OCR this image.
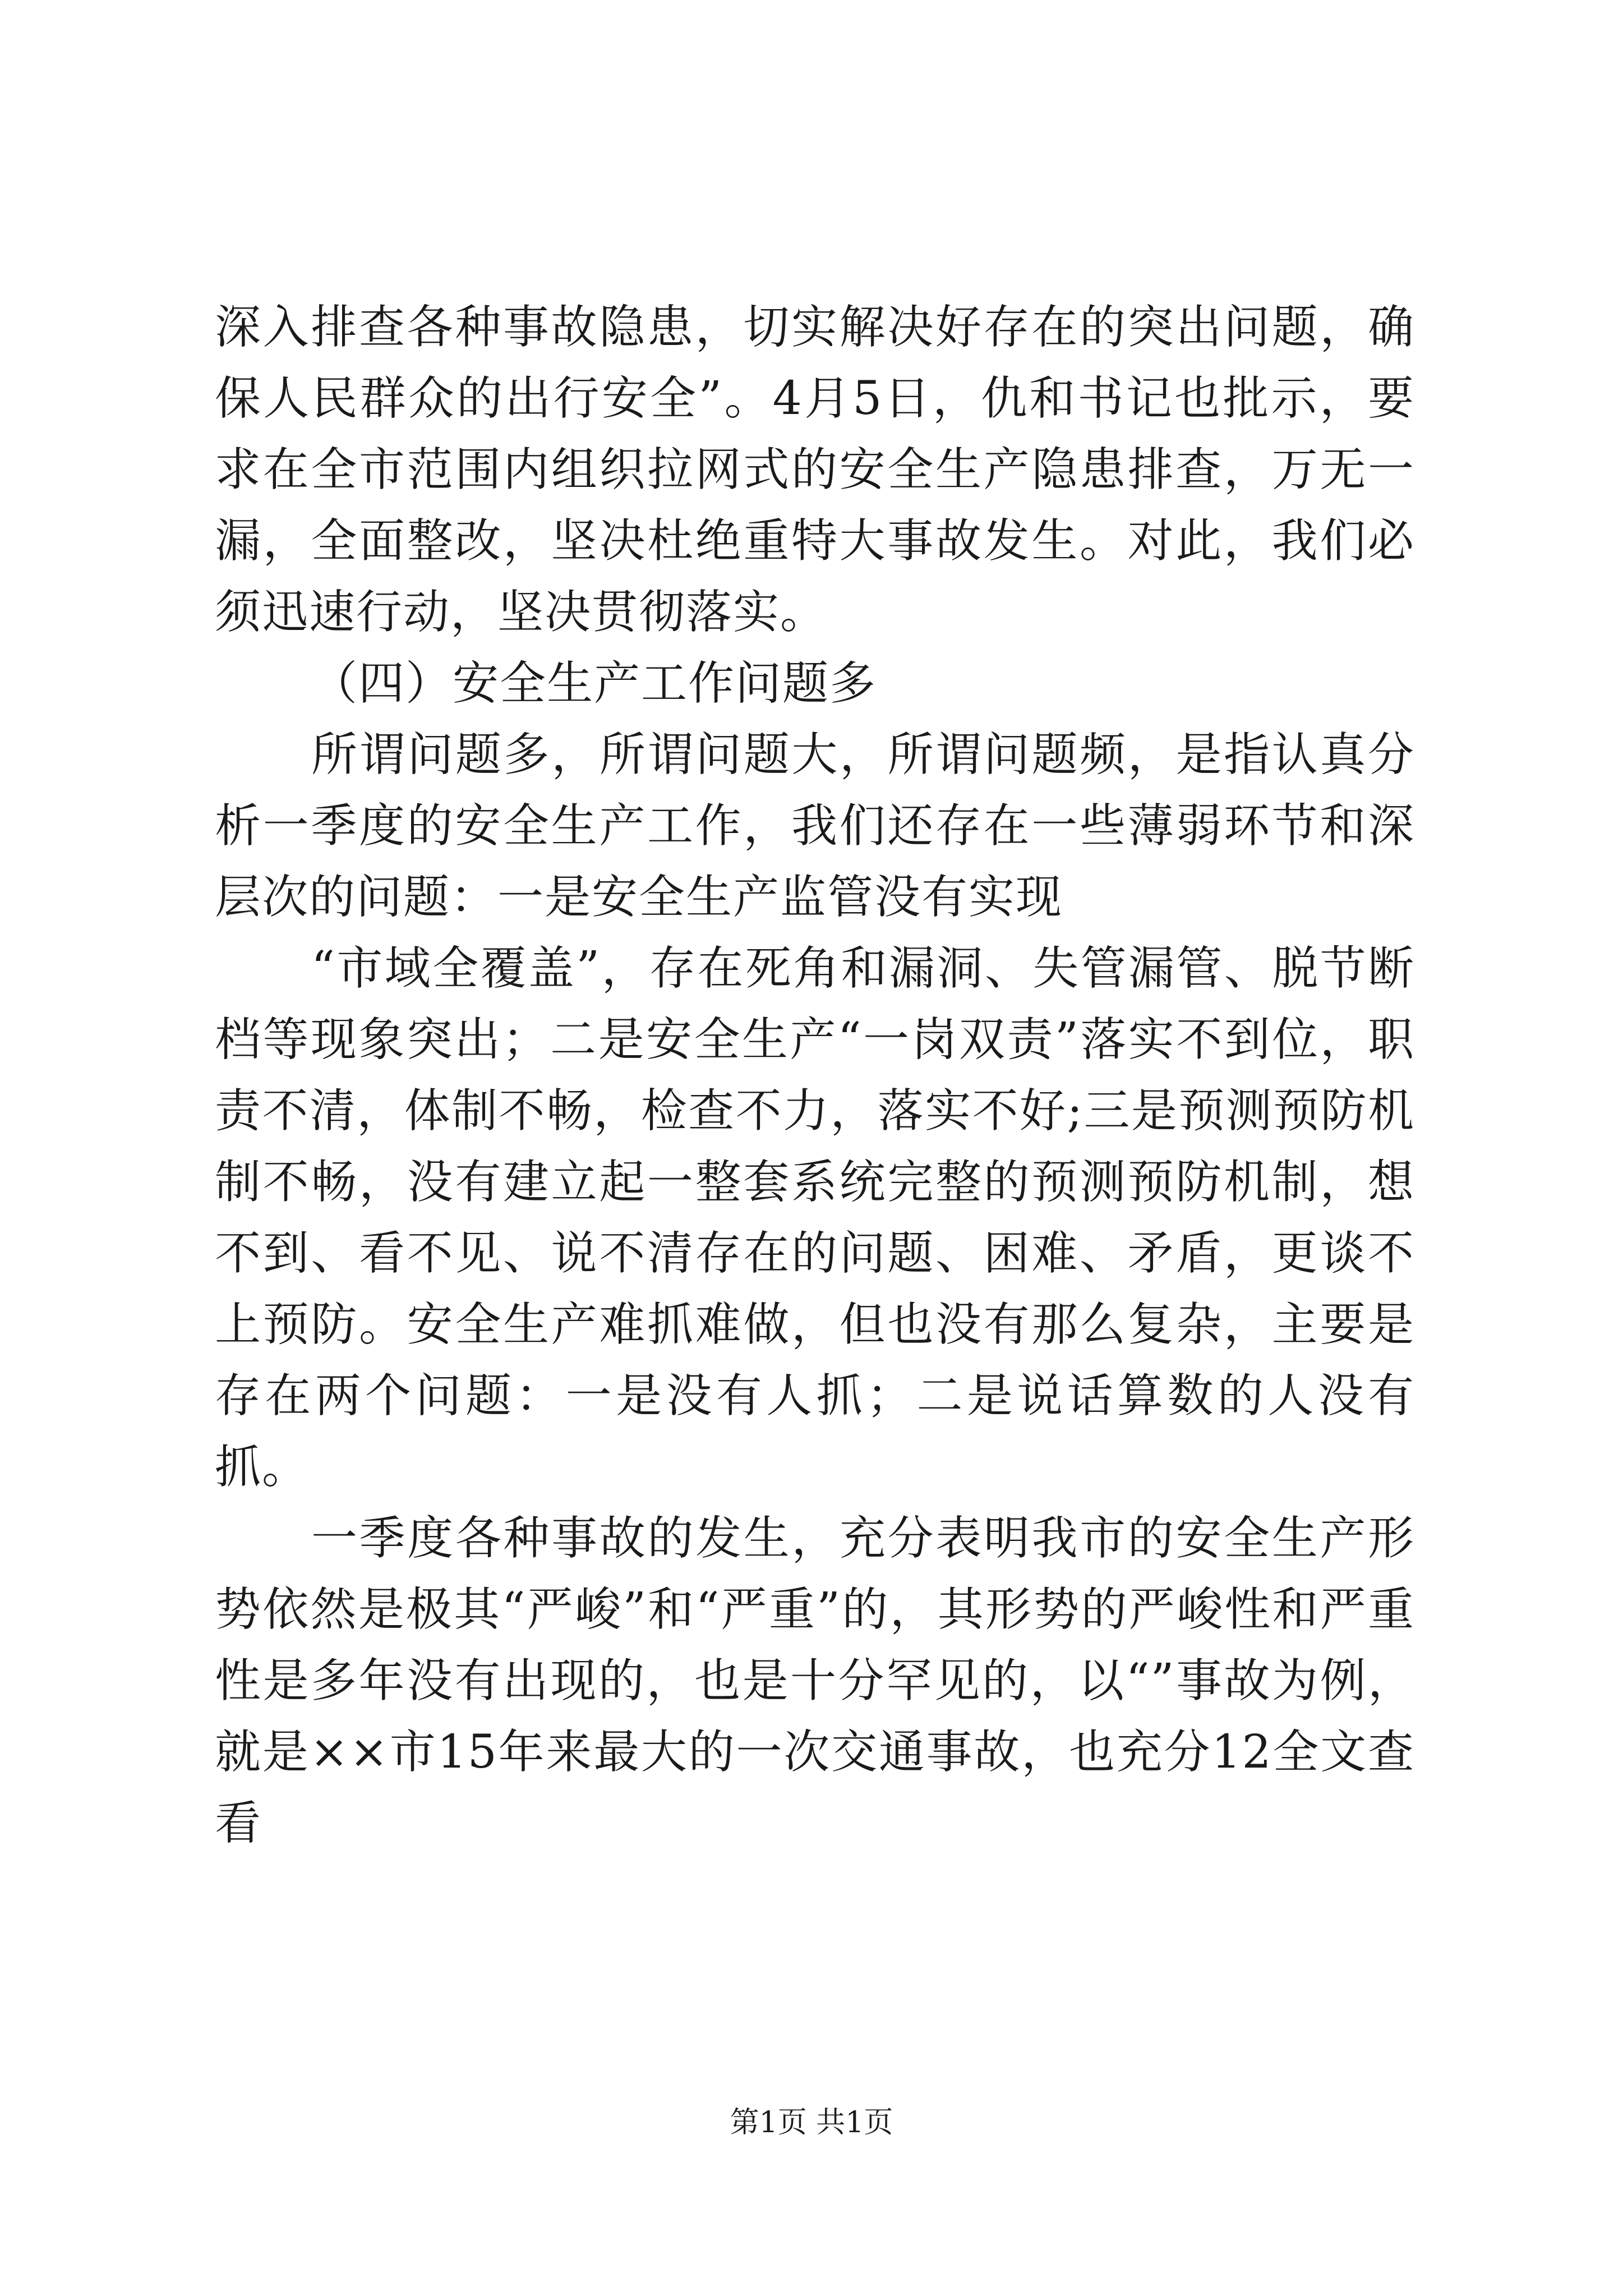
深入排查各种事故隐患，切实解决好存在的突出问题，确保人民群众的出行安全”。4月5日，仇和书记也批示，要求在全市范围内组织拉网式的安全生产隐患排查，万无一漏，全面整改，坚决杜绝重特大事故发生。对此，我们必须迅速行动，坚决贯彻落实。

（四）安全生产工作问题多

所谓问题多，所谓问题大，所谓问题频，是指认真分析一季度的安全生产工作，我们还存在一些薄弱环节和深层次的问题：一是安全生产监管没有实现

“市域全覆盖”，存在死角和漏洞、失管漏管、脱节断档等现象突出；二是安全生产“一岗双责”落实不到位，职责不清，体制不畅，检查不力，落实不好;三是预测预防机制不畅，没有建立起一整套系统完整的预测预防机制，想不到、看不见、说不清存在的问题、困难、矛盾，更谈不上预防。安全生产难抓难做，但也没有那么复杂，主要是存在两个问题：一是没有人抓；二是说话算数的人没有抓。

一季度各种事故的发生，充分表明我市的安全生产形势依然是极其“严峻”和“严重”的，其形势的严峻性和严重性是多年没有出现的，也是十分罕见的，以“”事故为例，就是××市15年来最大的一次交通事故，也充分12全文查看

第1页 共1页
